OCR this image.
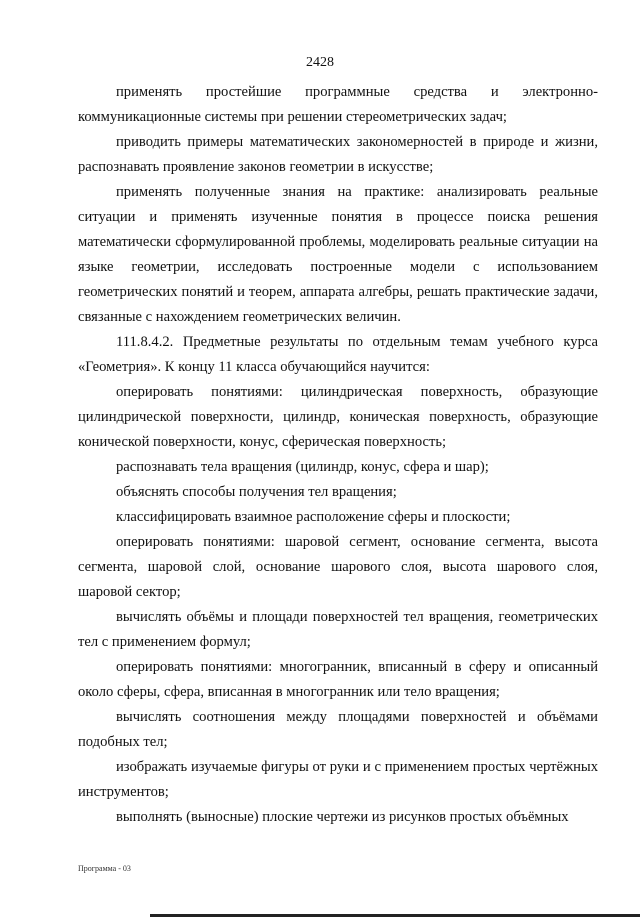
2428

применять простейшие программные средства и электронно-коммуникационные системы при решении стереометрических задач;

приводить примеры математических закономерностей в природе и жизни, распознавать проявление законов геометрии в искусстве;

применять полученные знания на практике: анализировать реальные ситуации и применять изученные понятия в процессе поиска решения математически сформулированной проблемы, моделировать реальные ситуации на языке геометрии, исследовать построенные модели с использованием геометрических понятий и теорем, аппарата алгебры, решать практические задачи, связанные с нахождением геометрических величин.

111.8.4.2. Предметные результаты по отдельным темам учебного курса «Геометрия». К концу 11 класса обучающийся научится:

оперировать понятиями: цилиндрическая поверхность, образующие цилиндрической поверхности, цилиндр, коническая поверхность, образующие конической поверхности, конус, сферическая поверхность;

распознавать тела вращения (цилиндр, конус, сфера и шар);

объяснять способы получения тел вращения;

классифицировать взаимное расположение сферы и плоскости;

оперировать понятиями: шаровой сегмент, основание сегмента, высота сегмента, шаровой слой, основание шарового слоя, высота шарового слоя, шаровой сектор;

вычислять объёмы и площади поверхностей тел вращения, геометрических тел с применением формул;

оперировать понятиями: многогранник, вписанный в сферу и описанный около сферы, сфера, вписанная в многогранник или тело вращения;

вычислять соотношения между площадями поверхностей и объёмами подобных тел;

изображать изучаемые фигуры от руки и с применением простых чертёжных инструментов;

выполнять (выносные) плоские чертежи из рисунков простых объёмных

Программа - 03
